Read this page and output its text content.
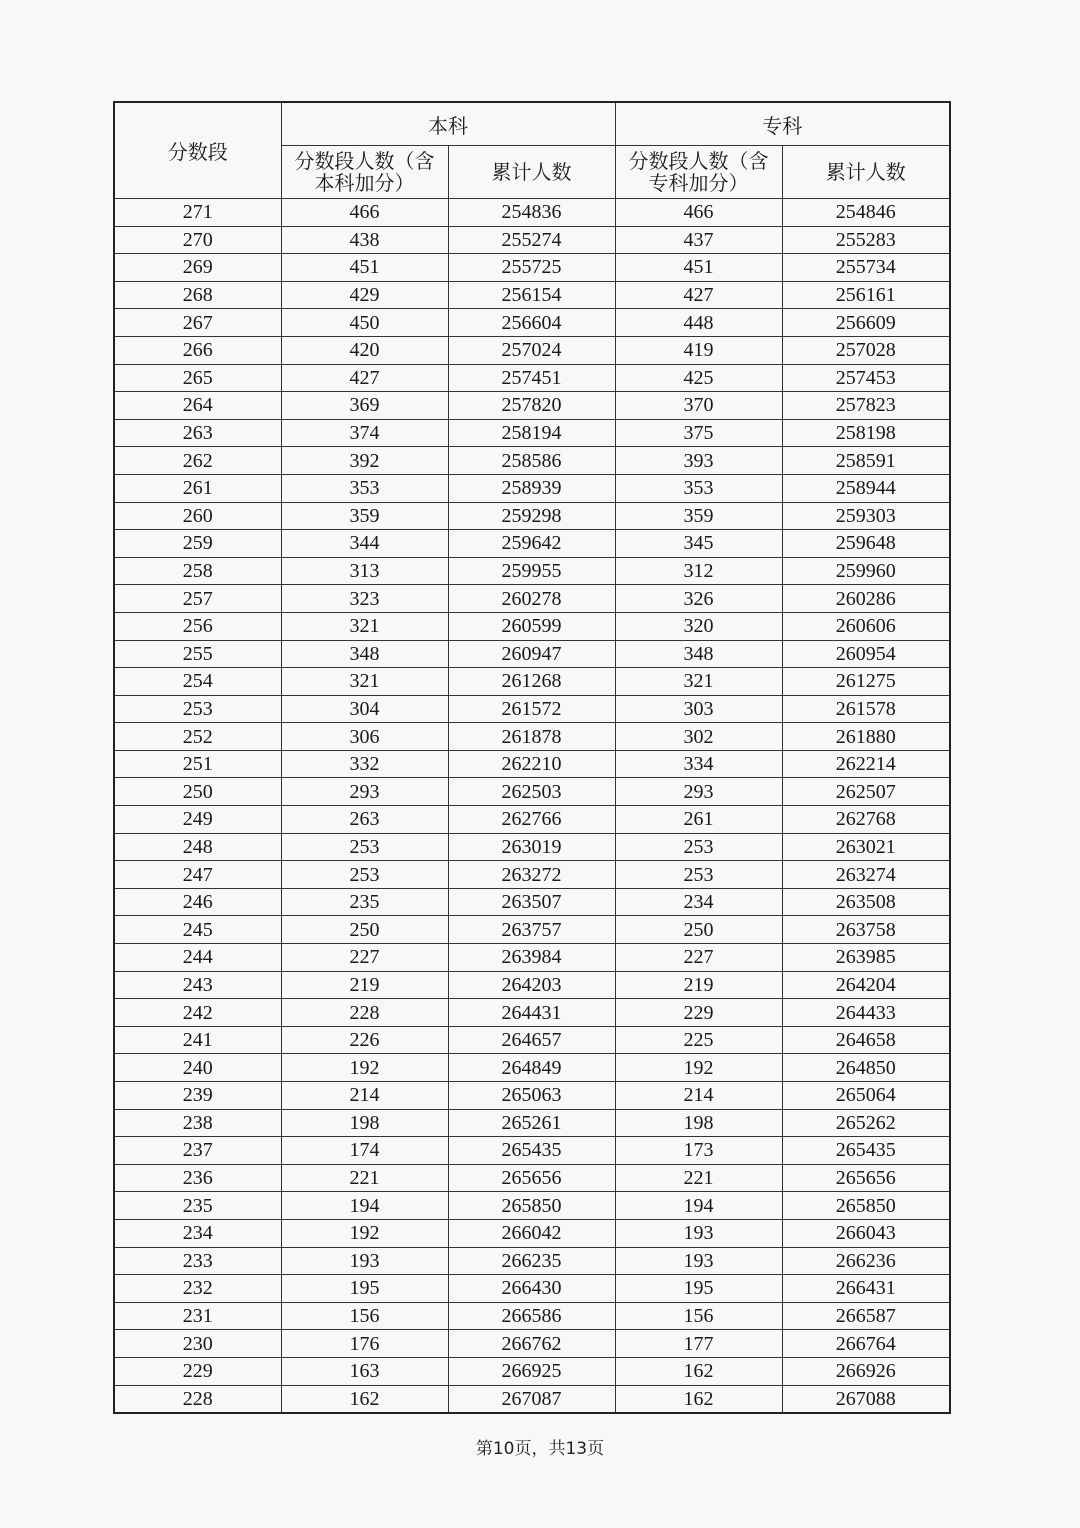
分数段	本科		专科	
	分数段人数（含本科加分）	累计人数	分数段人数（含专科加分）	累计人数
271	466	254836	466	254846
270	438	255274	437	255283
269	451	255725	451	255734
268	429	256154	427	256161
267	450	256604	448	256609
266	420	257024	419	257028
265	427	257451	425	257453
264	369	257820	370	257823
263	374	258194	375	258198
262	392	258586	393	258591
261	353	258939	353	258944
260	359	259298	359	259303
259	344	259642	345	259648
258	313	259955	312	259960
257	323	260278	326	260286
256	321	260599	320	260606
255	348	260947	348	260954
254	321	261268	321	261275
253	304	261572	303	261578
252	306	261878	302	261880
251	332	262210	334	262214
250	293	262503	293	262507
249	263	262766	261	262768
248	253	263019	253	263021
247	253	263272	253	263274
246	235	263507	234	263508
245	250	263757	250	263758
244	227	263984	227	263985
243	219	264203	219	264204
242	228	264431	229	264433
241	226	264657	225	264658
240	192	264849	192	264850
239	214	265063	214	265064
238	198	265261	198	265262
237	174	265435	173	265435
236	221	265656	221	265656
235	194	265850	194	265850
234	192	266042	193	266043
233	193	266235	193	266236
232	195	266430	195	266431
231	156	266586	156	266587
230	176	266762	177	266764
229	163	266925	162	266926
228	162	267087	162	267088
第10页，共13页
